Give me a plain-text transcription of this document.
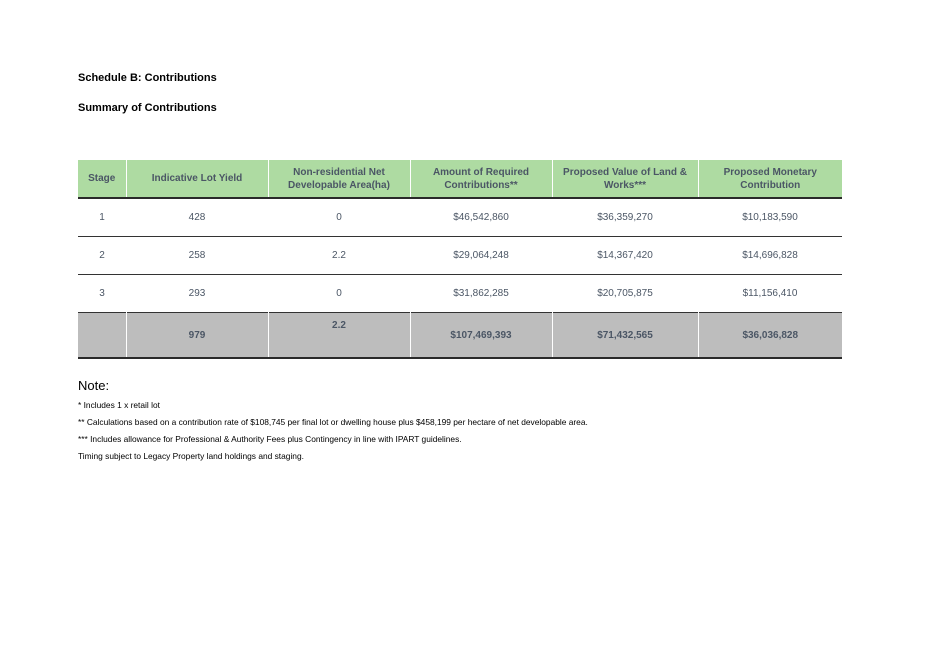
Schedule B: Contributions
Summary of Contributions
Stage	Indicative Lot Yield	Non-residential Net Developable Area(ha)	Amount of Required Contributions**	Proposed Value of Land & Works***	Proposed Monetary Contribution
1	428	0	$46,542,860	$36,359,270	$10,183,590
2	258	2.2	$29,064,248	$14,367,420	$14,696,828
3	293	0	$31,862,285	$20,705,875	$11,156,410
	979	2.2	$107,469,393	$71,432,565	$36,036,828
Note:
* Includes 1 x retail lot
** Calculations based on a contribution rate of $108,745 per final lot or dwelling house plus $458,199 per hectare of net developable area.
*** Includes allowance for Professional & Authority Fees plus Contingency in line with IPART guidelines.
Timing subject to Legacy Property land holdings and staging.
